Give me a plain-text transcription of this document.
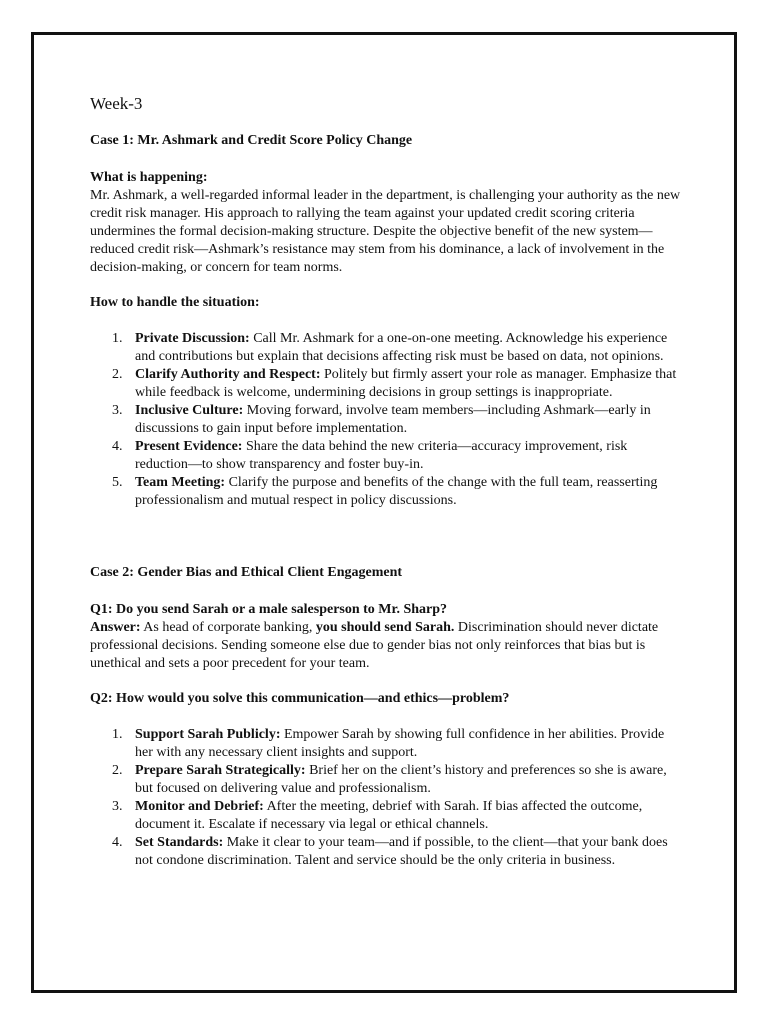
Week-3

Case 1: Mr. Ashmark and Credit Score Policy Change

What is happening:

Mr. Ashmark, a well-regarded informal leader in the department, is challenging your authority as the new credit risk manager. His approach to rallying the team against your updated credit scoring criteria undermines the formal decision-making structure. Despite the objective benefit of the new system—reduced credit risk—Ashmark’s resistance may stem from his dominance, a lack of involvement in the decision-making, or concern for team norms.

How to handle the situation:

1. Private Discussion: Call Mr. Ashmark for a one-on-one meeting. Acknowledge his experience and contributions but explain that decisions affecting risk must be based on data, not opinions.
2. Clarify Authority and Respect: Politely but firmly assert your role as manager. Emphasize that while feedback is welcome, undermining decisions in group settings is inappropriate.
3. Inclusive Culture: Moving forward, involve team members—including Ashmark—early in discussions to gain input before implementation.
4. Present Evidence: Share the data behind the new criteria—accuracy improvement, risk reduction—to show transparency and foster buy-in.
5. Team Meeting: Clarify the purpose and benefits of the change with the full team, reasserting professionalism and mutual respect in policy discussions.

Case 2: Gender Bias and Ethical Client Engagement

Q1: Do you send Sarah or a male salesperson to Mr. Sharp?

Answer: As head of corporate banking, you should send Sarah. Discrimination should never dictate professional decisions. Sending someone else due to gender bias not only reinforces that bias but is unethical and sets a poor precedent for your team.

Q2: How would you solve this communication—and ethics—problem?

1. Support Sarah Publicly: Empower Sarah by showing full confidence in her abilities. Provide her with any necessary client insights and support.
2. Prepare Sarah Strategically: Brief her on the client’s history and preferences so she is aware, but focused on delivering value and professionalism.
3. Monitor and Debrief: After the meeting, debrief with Sarah. If bias affected the outcome, document it. Escalate if necessary via legal or ethical channels.
4. Set Standards: Make it clear to your team—and if possible, to the client—that your bank does not condone discrimination. Talent and service should be the only criteria in business.
